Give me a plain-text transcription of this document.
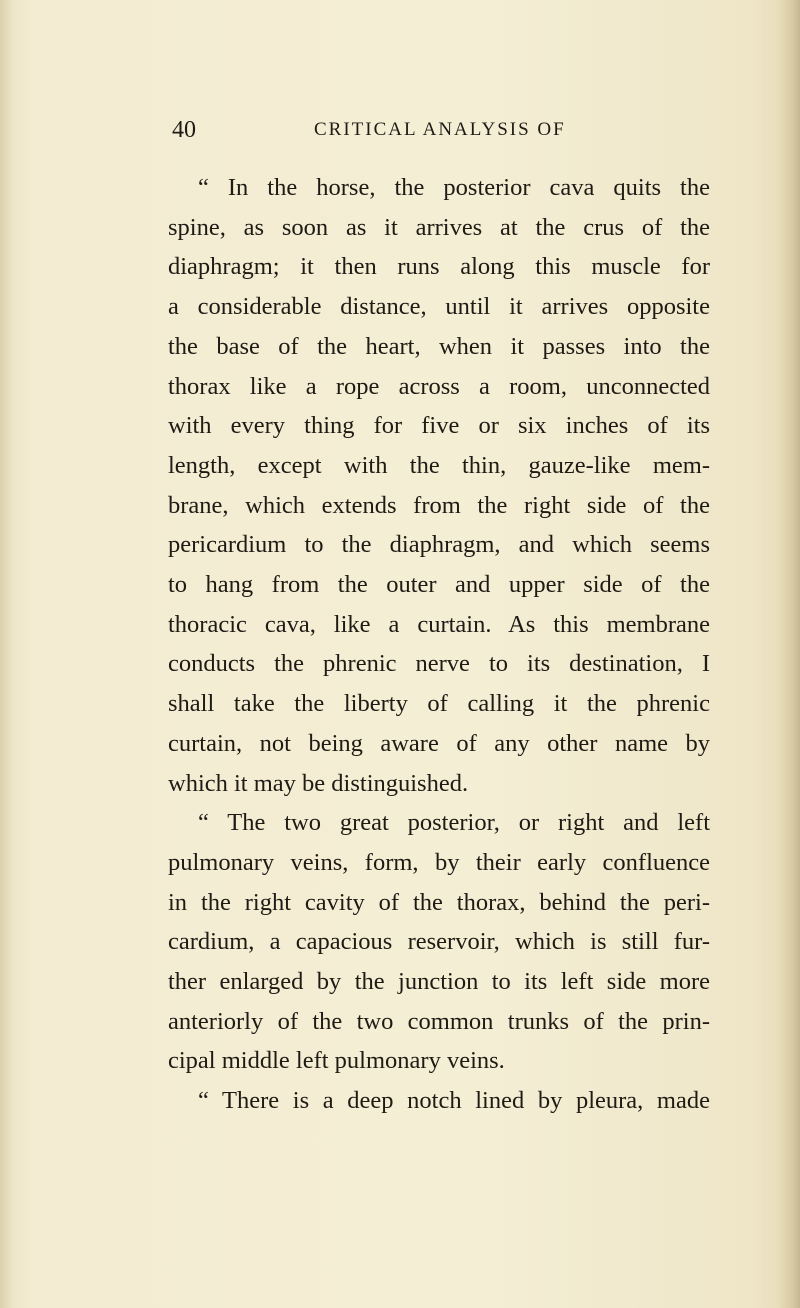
40	CRITICAL ANALYSIS OF

“ In the horse, the posterior cava quits the
spine, as soon as it arrives at the crus of the
diaphragm; it then runs along this muscle for
a considerable distance, until it arrives opposite
the base of the heart, when it passes into the
thorax like a rope across a room, unconnected
with every thing for five or six inches of its
length, except with the thin, gauze-like mem-
brane, which extends from the right side of the
pericardium to the diaphragm, and which seems
to hang from the outer and upper side of the
thoracic cava, like a curtain. As this membrane
conducts the phrenic nerve to its destination, I
shall take the liberty of calling it the phrenic
curtain, not being aware of any other name by
which it may be distinguished.

“ The two great posterior, or right and left
pulmonary veins, form, by their early confluence
in the right cavity of the thorax, behind the peri-
cardium, a capacious reservoir, which is still fur-
ther enlarged by the junction to its left side more
anteriorly of the two common trunks of the prin-
cipal middle left pulmonary veins.

“ There is a deep notch lined by pleura, made
